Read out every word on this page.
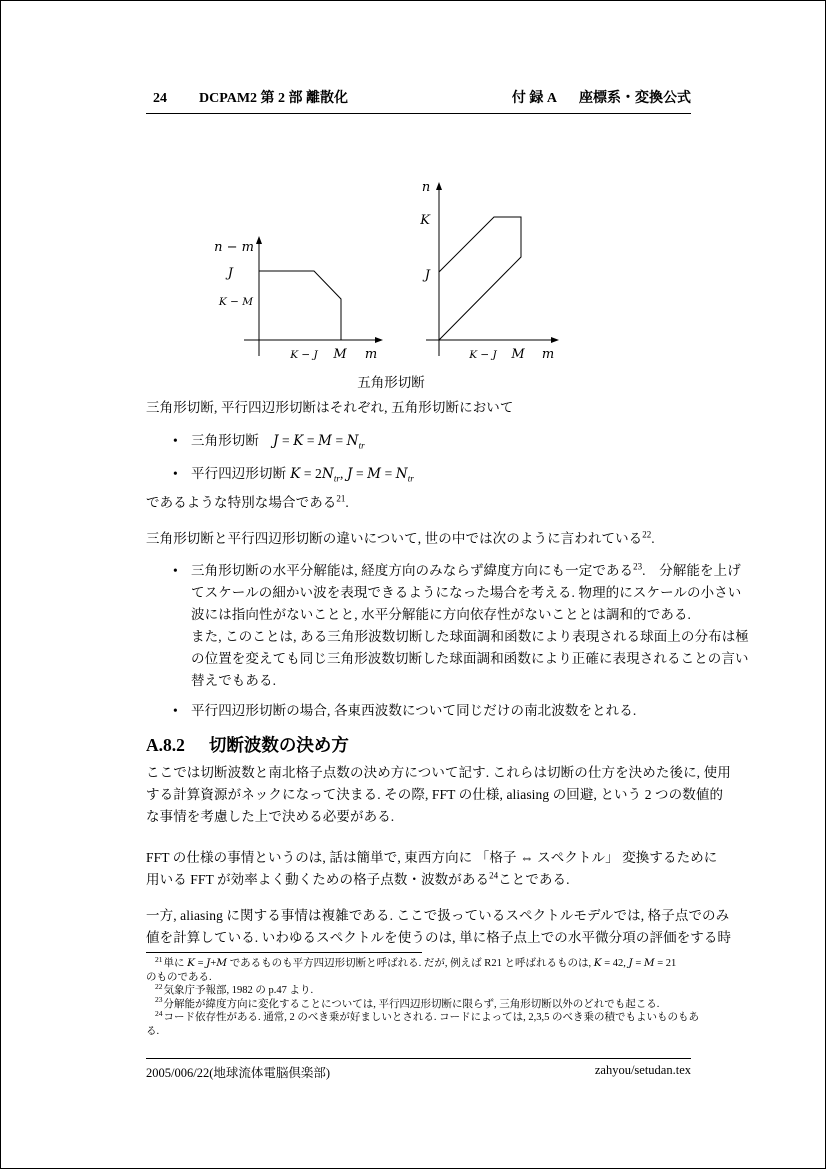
24 DCPAM2 第 2 部 離散化	付 録 A 座標系・変換公式
n − m
J
K − M
K − J M m
n
K
J
K − J M m
五角形切断
三角形切断, 平行四辺形切断はそれぞれ, 五角形切断において
• 三角形切断 $J = K = M = N_{tr}$
• 平行四辺形切断 $K = 2N_{tr}$, $J = M = N_{tr}$
であるような特別な場合である$^{21}$.
三角形切断と平行四辺形切断の違いについて, 世の中では次のように言われている$^{22}$.
• 三角形切断の水平分解能は, 経度方向のみならず緯度方向にも一定である$^{23}$.　分解能を上げ
てスケールの細かい波を表現できるようになった場合を考える. 物理的にスケールの小さい
波には指向性がないことと, 水平分解能に方向依存性がないこととは調和的である.
また, このことは, ある三角形波数切断した球面調和函数により表現される球面上の分布は極
の位置を変えても同じ三角形波数切断した球面調和函数により正確に表現されることの言い
替えでもある.
• 平行四辺形切断の場合, 各東西波数について同じだけの南北波数をとれる.
A.8.2 切断波数の決め方
ここでは切断波数と南北格子点数の決め方について記す. これらは切断の仕方を決めた後に, 使用
する計算資源がネックになって決まる. その際, FFT の仕様, aliasing の回避, という 2 つの数値的
な事情を考慮した上で決める必要がある.
FFT の仕様の事情というのは, 話は簡単で, 東西方向に 「格子 ⇔ スペクトル」 変換するために
用いる FFT が効率よく動くための格子点数・波数がある$^{24}$ことである.
一方, aliasing に関する事情は複雑である. ここで扱っているスペクトルモデルでは, 格子点でのみ
値を計算している. いわゆるスペクトルを使うのは, 単に格子点上での水平微分項の評価をする時
$^{21}$単に K = J+M であるものも平方四辺形切断と呼ばれる. だが, 例えば R21 と呼ばれるものは, K = 42, J = M = 21
のものである.
$^{22}$気象庁予報部, 1982 の p.47 より.
$^{23}$分解能が緯度方向に変化することについては, 平行四辺形切断に限らず, 三角形切断以外のどれでも起こる.
$^{24}$コード依存性がある. 通常, 2 のべき乗が好ましいとされる. コードによっては, 2,3,5 のべき乗の積でもよいものもあ
る.
2005/006/22(地球流体電脳倶楽部)	zahyou/setudan.tex
